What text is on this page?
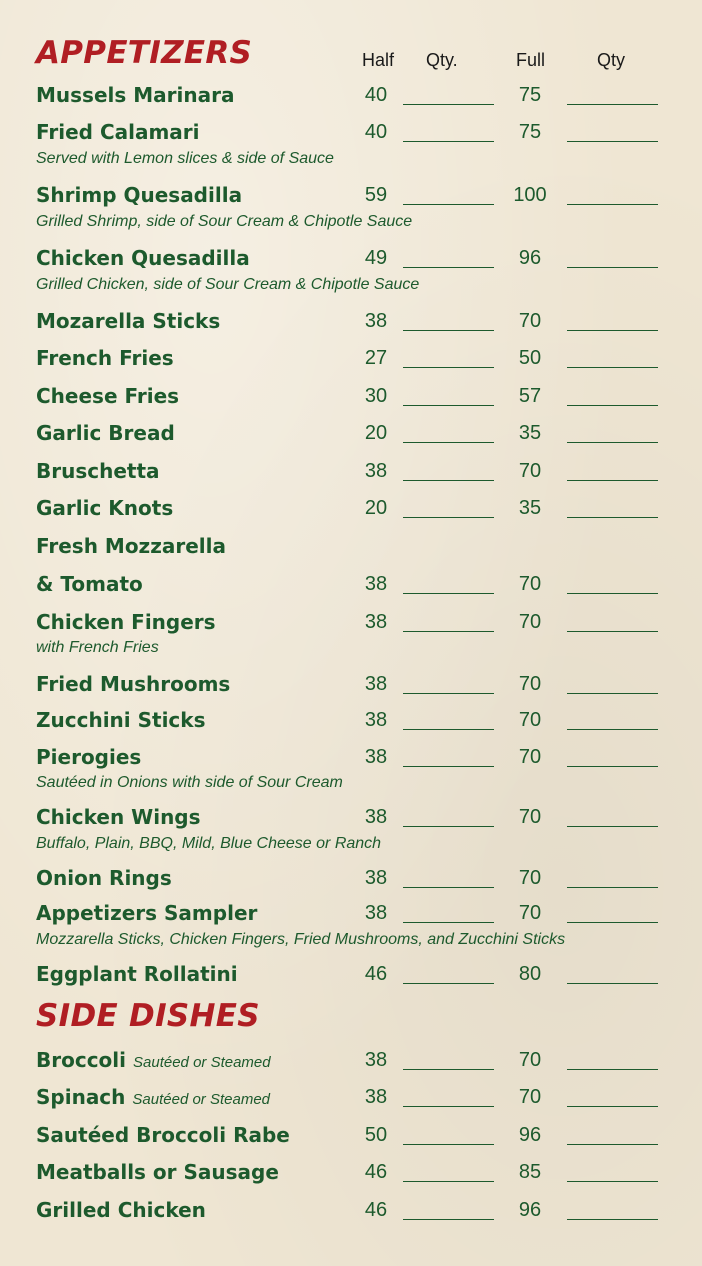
APPETIZERS	Half Qty.	Full	Qty
Mussels Marinara	40	75
Fried Calamari	40	75
Served with Lemon slices & side of Sauce
Shrimp Quesadilla	59	100
Grilled Shrimp, side of Sour Cream & Chipotle Sauce
Chicken Quesadilla	49	96
Grilled Chicken, side of Sour Cream & Chipotle Sauce
Mozarella Sticks	38	70
French Fries	27	50
Cheese Fries	30	57
Garlic Bread	20	35
Bruschetta	38	70
Garlic Knots	20	35
Fresh Mozzarella
& Tomato	38	70
Chicken Fingers	38	70
with French Fries
Fried Mushrooms	38	70
Zucchini Sticks	38	70
Pierogies	38	70
Sautéed in Onions with side of Sour Cream
Chicken Wings	38	70
Buffalo, Plain, BBQ, Mild, Blue Cheese or Ranch
Onion Rings	38	70
Appetizers Sampler	38	70
Mozzarella Sticks, Chicken Fingers, Fried Mushrooms, and Zucchini Sticks
Eggplant Rollatini	46	80
SIDE DISHES
Broccoli Sautéed or Steamed	38	70
Spinach Sautéed or Steamed	38	70
Sautéed Broccoli Rabe	50	96
Meatballs or Sausage	46	85
Grilled Chicken	46	96
